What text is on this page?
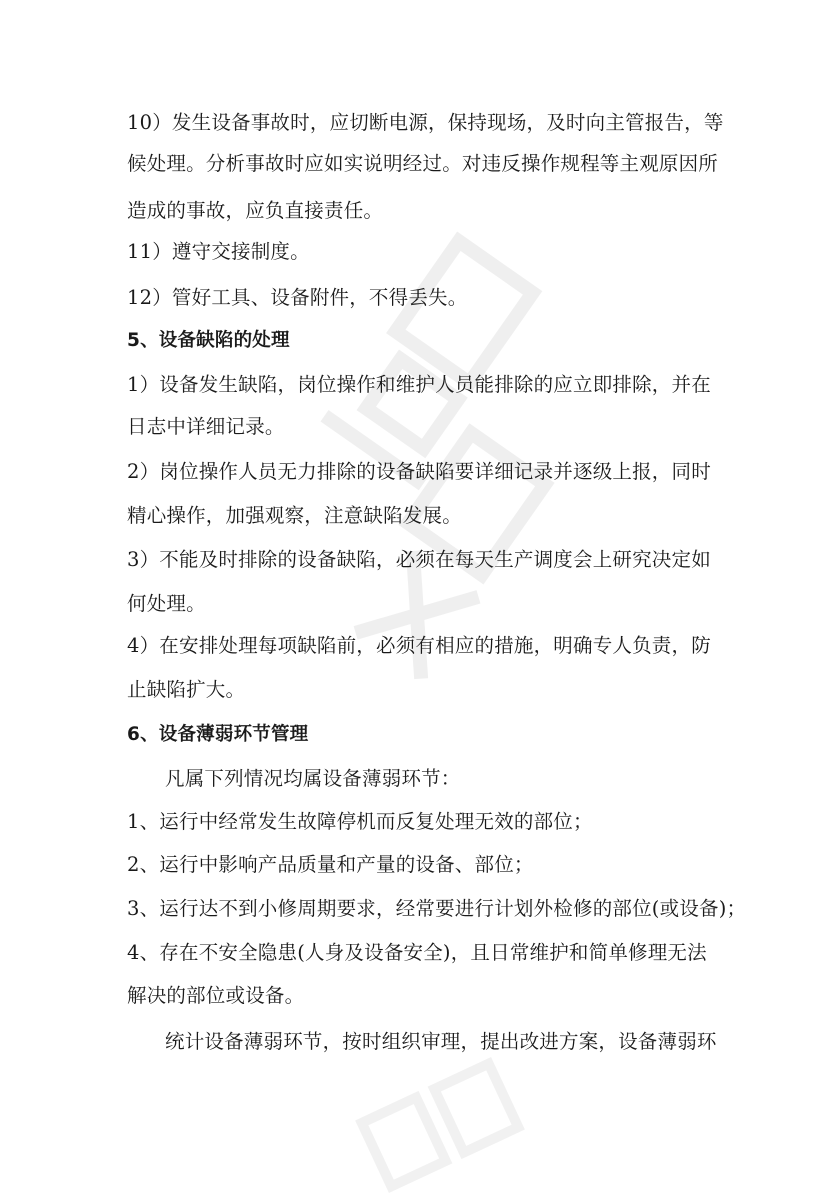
10）发生设备事故时，应切断电源，保持现场，及时向主管报告，等
候处理。分析事故时应如实说明经过。对违反操作规程等主观原因所
造成的事故，应负直接责任。
11）遵守交接制度。
12）管好工具、设备附件，不得丢失。
5、设备缺陷的处理
1）设备发生缺陷，岗位操作和维护人员能排除的应立即排除，并在
日志中详细记录。
2）岗位操作人员无力排除的设备缺陷要详细记录并逐级上报，同时
精心操作，加强观察，注意缺陷发展。
3）不能及时排除的设备缺陷，必须在每天生产调度会上研究决定如
何处理。
4）在安排处理每项缺陷前，必须有相应的措施，明确专人负责，防
止缺陷扩大。
6、设备薄弱环节管理
凡属下列情况均属设备薄弱环节：
1、运行中经常发生故障停机而反复处理无效的部位；
2、运行中影响产品质量和产量的设备、部位；
3、运行达不到小修周期要求，经常要进行计划外检修的部位(或设备)；
4、存在不安全隐患(人身及设备安全)，且日常维护和简单修理无法
解决的部位或设备。
统计设备薄弱环节，按时组织审理，提出改进方案，设备薄弱环
